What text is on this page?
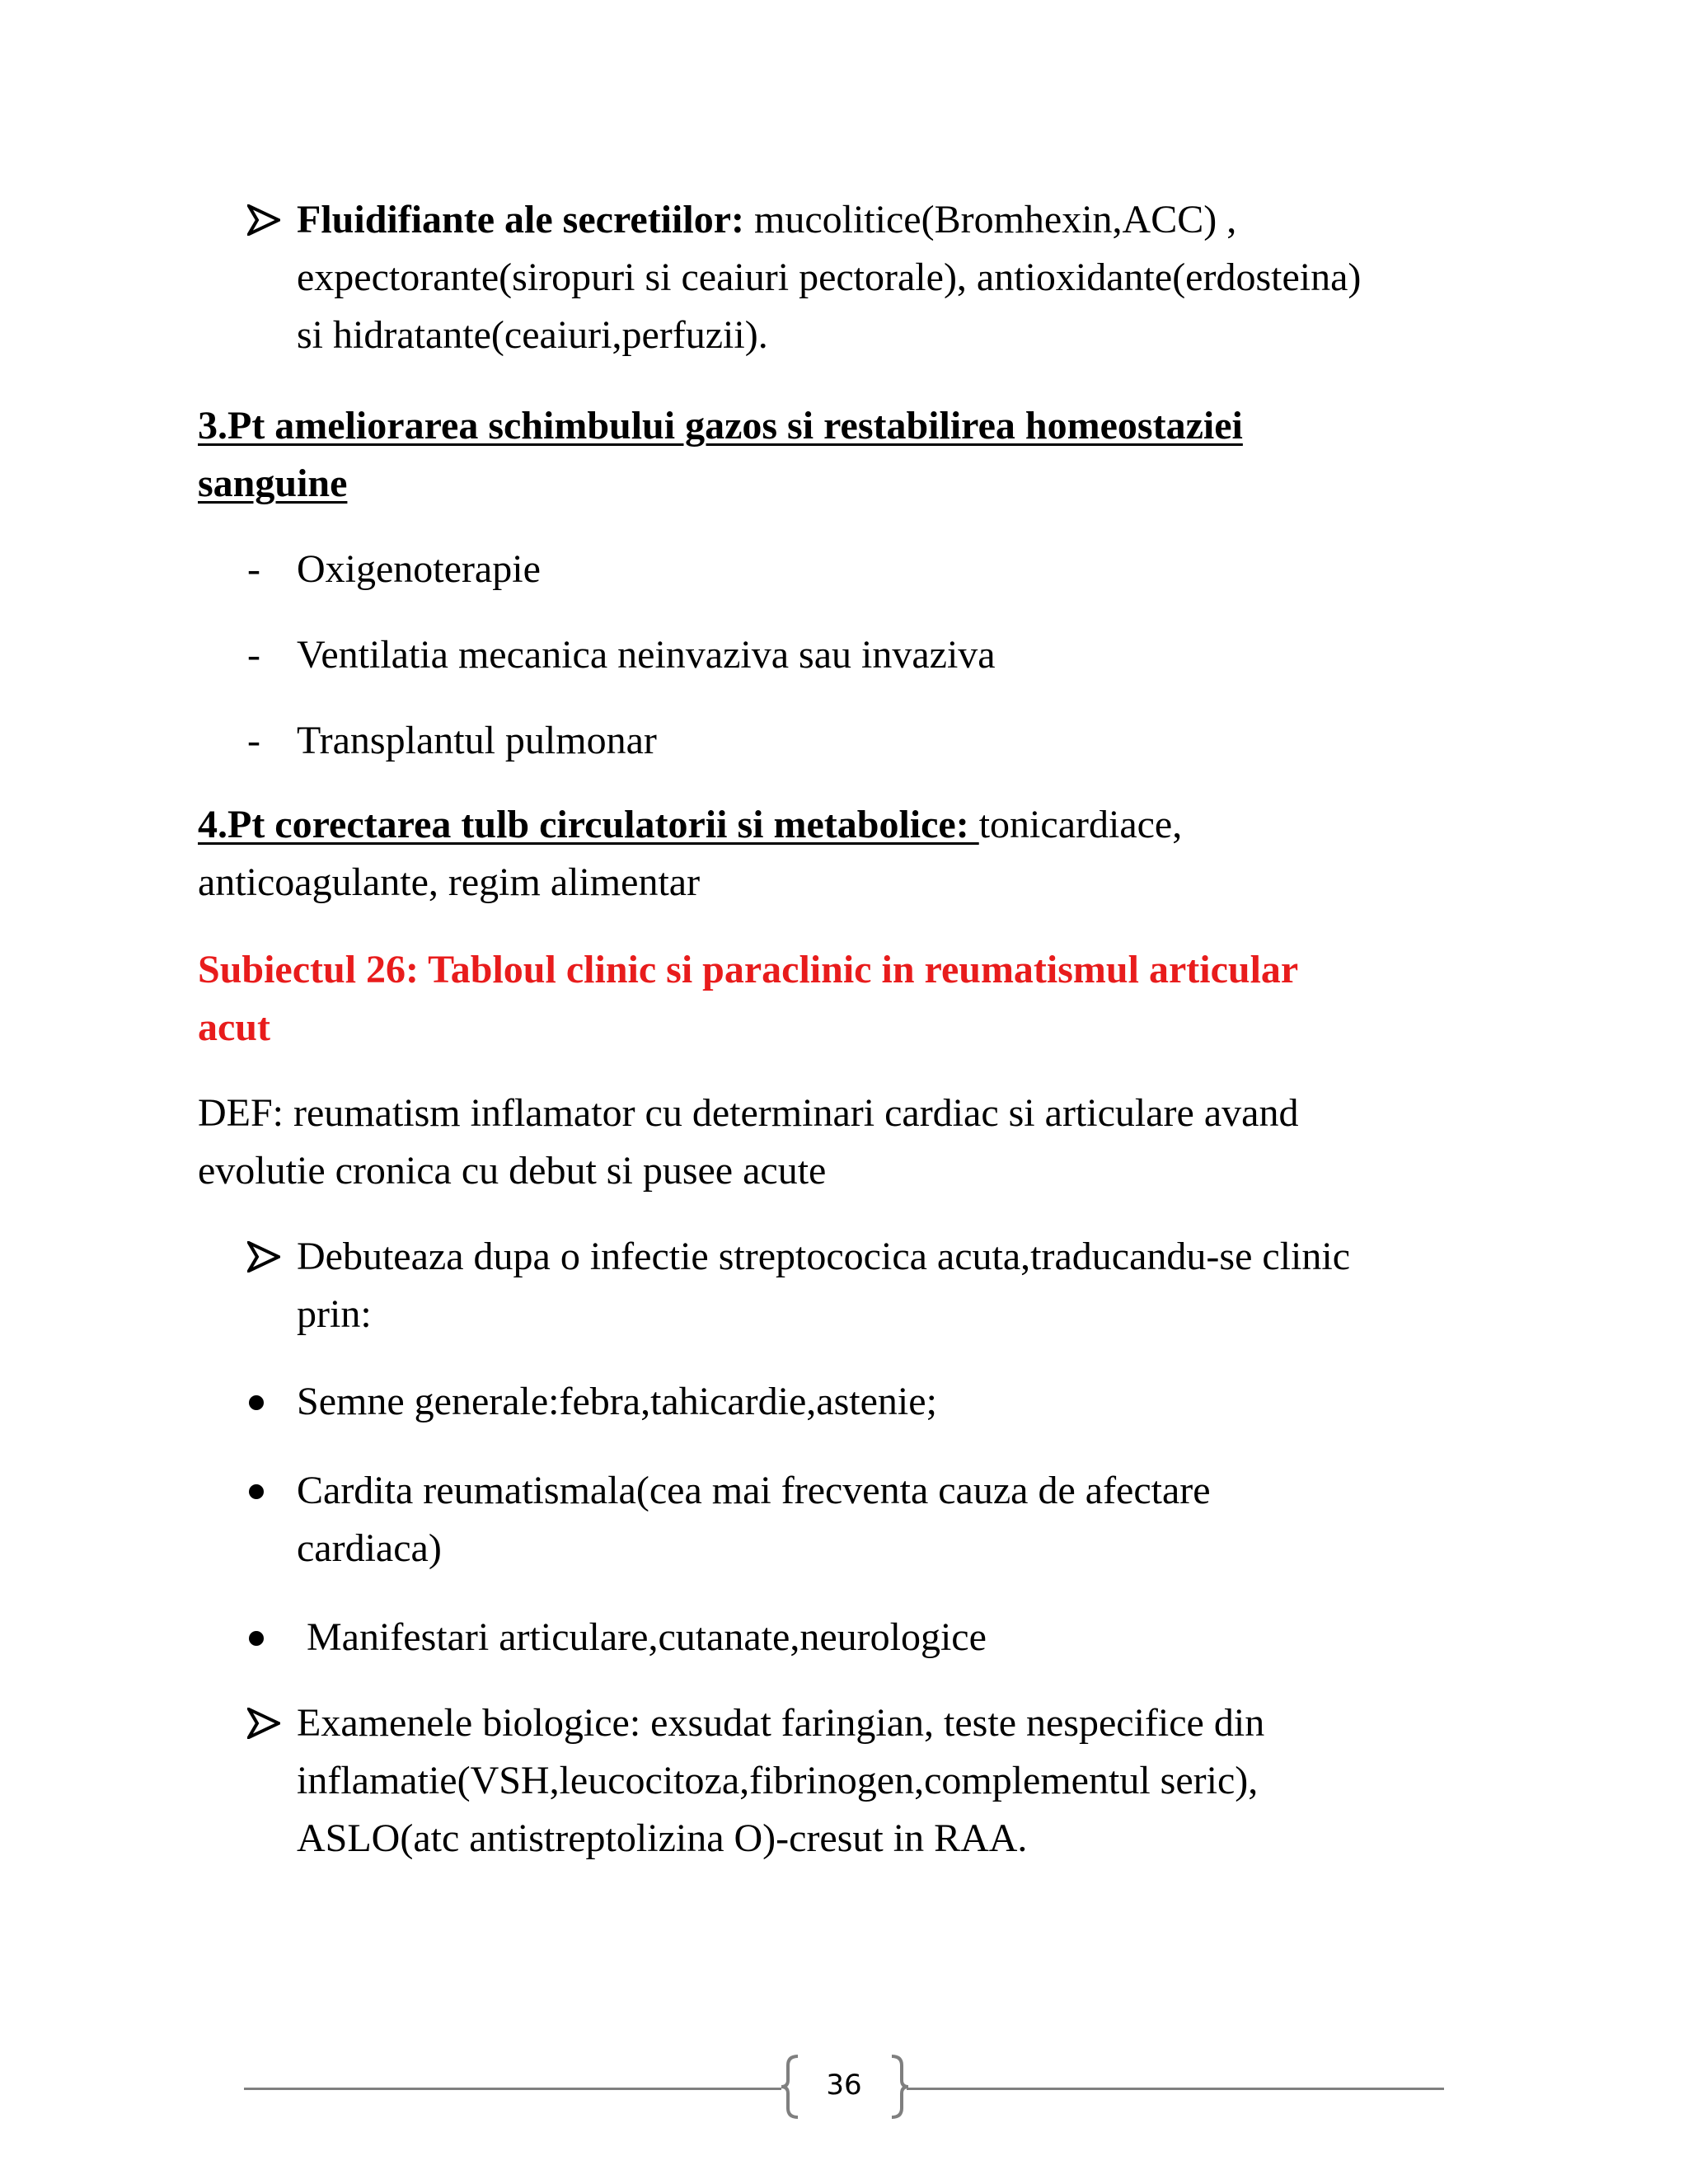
Fluidifiante ale secretiilor: mucolitice(Bromhexin,ACC) ,
expectorante(siropuri si ceaiuri pectorale), antioxidante(erdosteina)
si hidratante(ceaiuri,perfuzii).
3.Pt ameliorarea schimbului gazos si restabilirea homeostaziei
sanguine
- Oxigenoterapie
- Ventilatia mecanica neinvaziva sau invaziva
- Transplantul pulmonar
4.Pt corectarea tulb circulatorii si metabolice: tonicardiace,
anticoagulante, regim alimentar
Subiectul 26: Tabloul clinic si paraclinic in reumatismul articular
acut
DEF: reumatism inflamator cu determinari cardiac si articulare avand
evolutie cronica cu debut si pusee acute
Debuteaza dupa o infectie streptococica acuta,traducandu-se clinic
prin:
Semne generale:febra,tahicardie,astenie;
Cardita reumatismala(cea mai frecventa cauza de afectare
cardiaca)

Manifestari articulare,cutanate,neurologice

Examenele biologice: exsudat faringian, teste nespecifice din
inflamatie(VSH,leucocitoza,fibrinogen,complementul seric),
ASLO(atc antistreptolizina O)-cresut in RAA.
36
